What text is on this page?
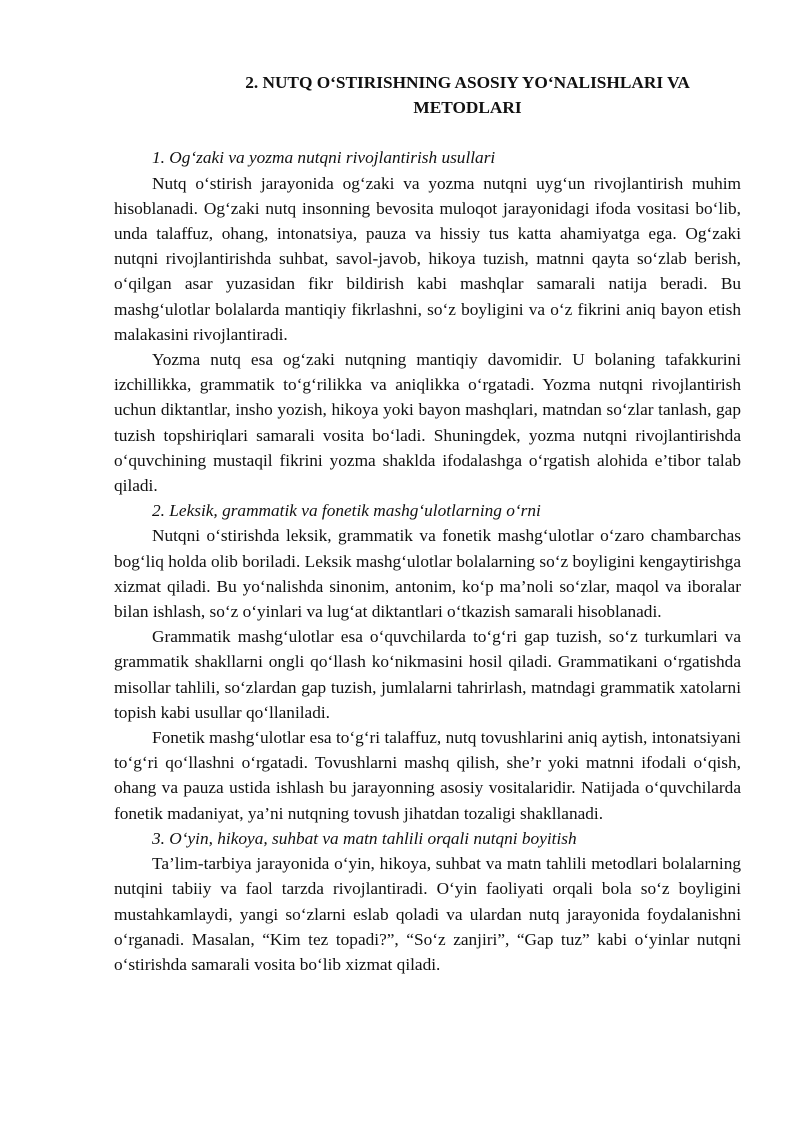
2. NUTQ O‘STIRISHNING ASOSIY YO‘NALISHLARI VA
METODLARI

1. Og‘zaki va yozma nutqni rivojlantirish usullari

Nutq o‘stirish jarayonida og‘zaki va yozma nutqni uyg‘un rivojlantirish muhim hisoblanadi. Og‘zaki nutq insonning bevosita muloqot jarayonidagi ifoda vositasi bo‘lib, unda talaffuz, ohang, intonatsiya, pauza va hissiy tus katta ahamiyatga ega. Og‘zaki nutqni rivojlantirishda suhbat, savol-javob, hikoya tuzish, matnni qayta so‘zlab berish, o‘qilgan asar yuzasidan fikr bildirish kabi mashqlar samarali natija beradi. Bu mashg‘ulotlar bolalarda mantiqiy fikrlashni, so‘z boyligini va o‘z fikrini aniq bayon etish malakasini rivojlantiradi.

Yozma nutq esa og‘zaki nutqning mantiqiy davomidir. U bolaning tafakkurini izchillikka, grammatik to‘g‘rilikka va aniqlikka o‘rgatadi. Yozma nutqni rivojlantirish uchun diktantlar, insho yozish, hikoya yoki bayon mashqlari, matndan so‘zlar tanlash, gap tuzish topshiriqlari samarali vosita bo‘ladi. Shuningdek, yozma nutqni rivojlantirishda o‘quvchining mustaqil fikrini yozma shaklda ifodalashga o‘rgatish alohida e’tibor talab qiladi.

2. Leksik, grammatik va fonetik mashg‘ulotlarning o‘rni

Nutqni o‘stirishda leksik, grammatik va fonetik mashg‘ulotlar o‘zaro chambarchas bog‘liq holda olib boriladi. Leksik mashg‘ulotlar bolalarning so‘z boyligini kengaytirishga xizmat qiladi. Bu yo‘nalishda sinonim, antonim, ko‘p ma’noli so‘zlar, maqol va iboralar bilan ishlash, so‘z o‘yinlari va lug‘at diktantlari o‘tkazish samarali hisoblanadi.

Grammatik mashg‘ulotlar esa o‘quvchilarda to‘g‘ri gap tuzish, so‘z turkumlari va grammatik shakllarni ongli qo‘llash ko‘nikmasini hosil qiladi. Grammatikani o‘rgatishda misollar tahlili, so‘zlardan gap tuzish, jumlalarni tahrirlash, matndagi grammatik xatolarni topish kabi usullar qo‘llaniladi.

Fonetik mashg‘ulotlar esa to‘g‘ri talaffuz, nutq tovushlarini aniq aytish, intonatsiyani to‘g‘ri qo‘llashni o‘rgatadi. Tovushlarni mashq qilish, she’r yoki matnni ifodali o‘qish, ohang va pauza ustida ishlash bu jarayonning asosiy vositalaridir. Natijada o‘quvchilarda fonetik madaniyat, ya’ni nutqning tovush jihatdan tozaligi shakllanadi.

3. O‘yin, hikoya, suhbat va matn tahlili orqali nutqni boyitish

Ta’lim-tarbiya jarayonida o‘yin, hikoya, suhbat va matn tahlili metodlari bolalarning nutqini tabiiy va faol tarzda rivojlantiradi. O‘yin faoliyati orqali bola so‘z boyligini mustahkamlaydi, yangi so‘zlarni eslab qoladi va ulardan nutq jarayonida foydalanishni o‘rganadi. Masalan, “Kim tez topadi?”, “So‘z zanjiri”, “Gap tuz” kabi o‘yinlar nutqni o‘stirishda samarali vosita bo‘lib xizmat qiladi.
